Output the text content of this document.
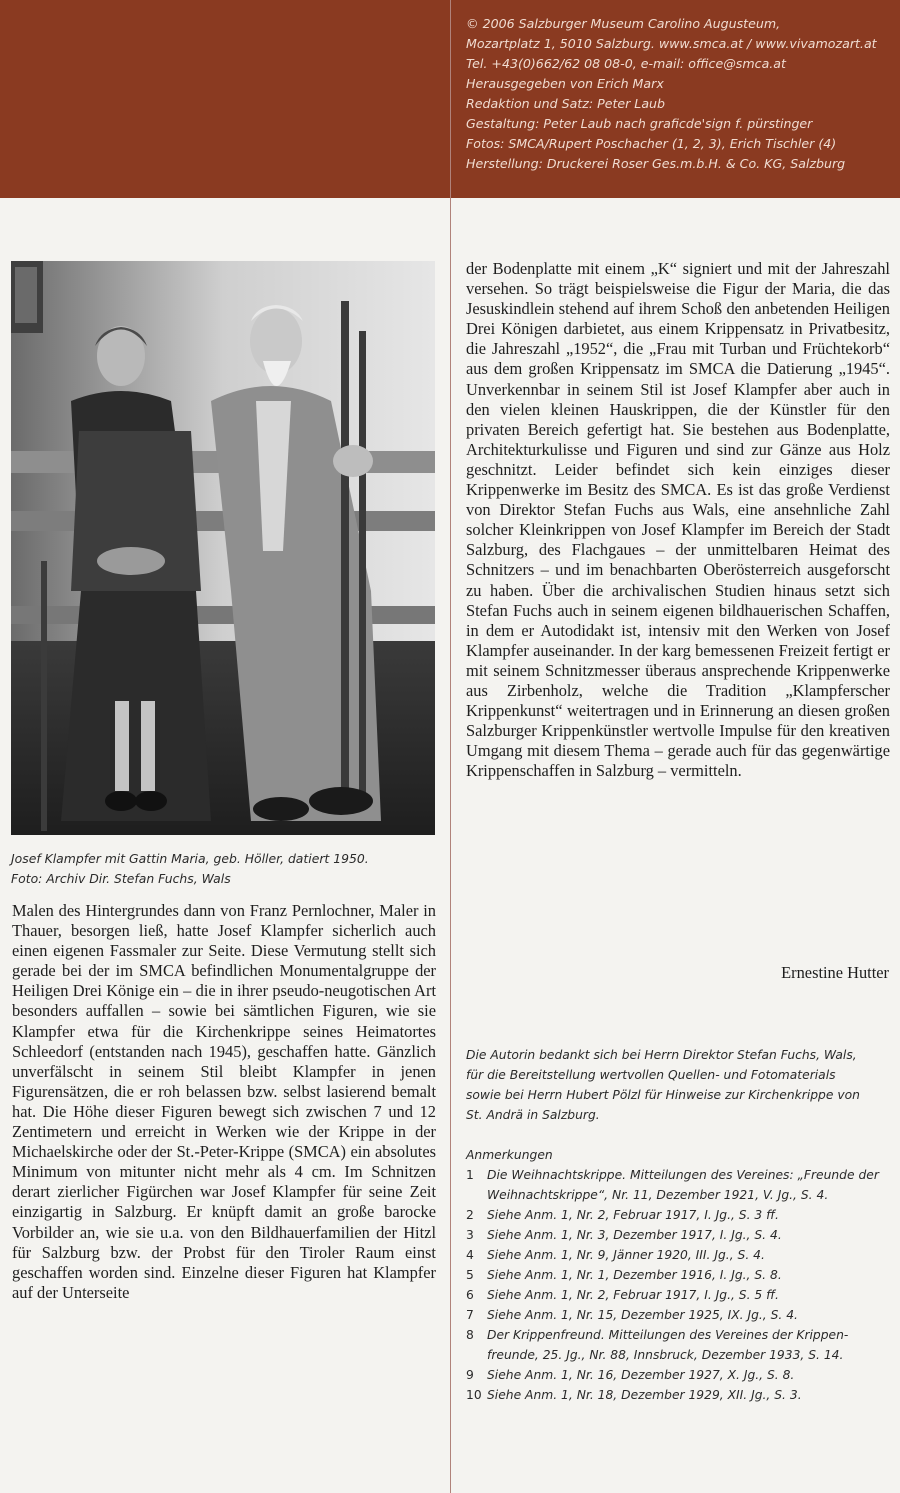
© 2006 Salzburger Museum Carolino Augusteum,
Mozartplatz 1, 5010 Salzburg. www.smca.at / www.vivamozart.at
Tel. +43(0)662/62 08 08-0, e-mail: office@smca.at
Herausgegeben von Erich Marx
Redaktion und Satz: Peter Laub
Gestaltung: Peter Laub nach graficde'sign f. pürstinger
Fotos: SMCA/Rupert Poschacher (1, 2, 3), Erich Tischler (4)
Herstellung: Druckerei Roser Ges.m.b.H. & Co. KG, Salzburg
Josef Klampfer mit Gattin Maria, geb. Höller, datiert 1950.
Foto: Archiv Dir. Stefan Fuchs, Wals

Malen des Hintergrundes dann von Franz Pernlochner, Maler in Thauer, besorgen ließ, hatte Josef Klampfer sicherlich auch einen eigenen Fassmaler zur Seite. Diese Vermutung stellt sich gerade bei der im SMCA befindlichen Monumentalgruppe der Heiligen Drei Könige ein – die in ihrer pseudo-neugotischen Art besonders auffallen – sowie bei sämtlichen Figuren, wie sie Klampfer etwa für die Kirchenkrippe seines Heimatortes Schleedorf (entstanden nach 1945), geschaffen hatte. Gänzlich unverfälscht in seinem Stil bleibt Klampfer in jenen Figurensätzen, die er roh belassen bzw. selbst lasierend bemalt hat. Die Höhe dieser Figuren bewegt sich zwischen 7 und 12 Zentimetern und erreicht in Werken wie der Krippe in der Michaelskirche oder der St.-Peter-Krippe (SMCA) ein absolutes Minimum von mitunter nicht mehr als 4 cm. Im Schnitzen derart zierlicher Figürchen war Josef Klampfer für seine Zeit einzigartig in Salzburg. Er knüpft damit an große barocke Vorbilder an, wie sie u.a. von den Bildhauerfamilien der Hitzl für Salzburg bzw. der Probst für den Tiroler Raum einst geschaffen worden sind. Einzelne dieser Figuren hat Klampfer auf der Unterseite

der Bodenplatte mit einem „K“ signiert und mit der Jahreszahl versehen. So trägt beispielsweise die Figur der Maria, die das Jesuskindlein stehend auf ihrem Schoß den anbetenden Heiligen Drei Königen darbietet, aus einem Krippensatz in Privatbesitz, die Jahreszahl „1952“, die „Frau mit Turban und Früchtekorb“ aus dem großen Krippensatz im SMCA die Datierung „1945“. Unverkennbar in seinem Stil ist Josef Klampfer aber auch in den vielen kleinen Hauskrippen, die der Künstler für den privaten Bereich gefertigt hat. Sie bestehen aus Bodenplatte, Architekturkulisse und Figuren und sind zur Gänze aus Holz geschnitzt. Leider befindet sich kein einziges dieser Krippenwerke im Besitz des SMCA. Es ist das große Verdienst von Direktor Stefan Fuchs aus Wals, eine ansehnliche Zahl solcher Kleinkrippen von Josef Klampfer im Bereich der Stadt Salzburg, des Flachgaues – der unmittelbaren Heimat des Schnitzers – und im benachbarten Oberösterreich ausgeforscht zu haben. Über die archivalischen Studien hinaus setzt sich Stefan Fuchs auch in seinem eigenen bildhauerischen Schaffen, in dem er Autodidakt ist, intensiv mit den Werken von Josef Klampfer auseinander. In der karg bemessenen Freizeit fertigt er mit seinem Schnitzmesser überaus ansprechende Krippenwerke aus Zirbenholz, welche die Tradition „Klampferscher Krippenkunst“ weitertragen und in Erinnerung an diesen großen Salzburger Krippenkünstler wertvolle Impulse für den kreativen Umgang mit diesem Thema – gerade auch für das gegenwärtige Krippenschaffen in Salzburg – vermitteln.

Ernestine Hutter
Die Autorin bedankt sich bei Herrn Direktor Stefan Fuchs, Wals,
für die Bereitstellung wertvollen Quellen- und Fotomaterials
sowie bei Herrn Hubert Pölzl für Hinweise zur Kirchenkrippe von
St. Andrä in Salzburg.
Anmerkungen
1 Die Weihnachtskrippe. Mitteilungen des Vereines: „Freunde der
Weihnachtskrippe“, Nr. 11, Dezember 1921, V. Jg., S. 4.
2 Siehe Anm. 1, Nr. 2, Februar 1917, I. Jg., S. 3 ff.
3 Siehe Anm. 1, Nr. 3, Dezember 1917, I. Jg., S. 4.
4 Siehe Anm. 1, Nr. 9, Jänner 1920, III. Jg., S. 4.
5 Siehe Anm. 1, Nr. 1, Dezember 1916, I. Jg., S. 8.
6 Siehe Anm. 1, Nr. 2, Februar 1917, I. Jg., S. 5 ff.
7 Siehe Anm. 1, Nr. 15, Dezember 1925, IX. Jg., S. 4.
8 Der Krippenfreund. Mitteilungen des Vereines der Krippen-
freunde, 25. Jg., Nr. 88, Innsbruck, Dezember 1933, S. 14.
9 Siehe Anm. 1, Nr. 16, Dezember 1927, X. Jg., S. 8.
10 Siehe Anm. 1, Nr. 18, Dezember 1929, XII. Jg., S. 3.
